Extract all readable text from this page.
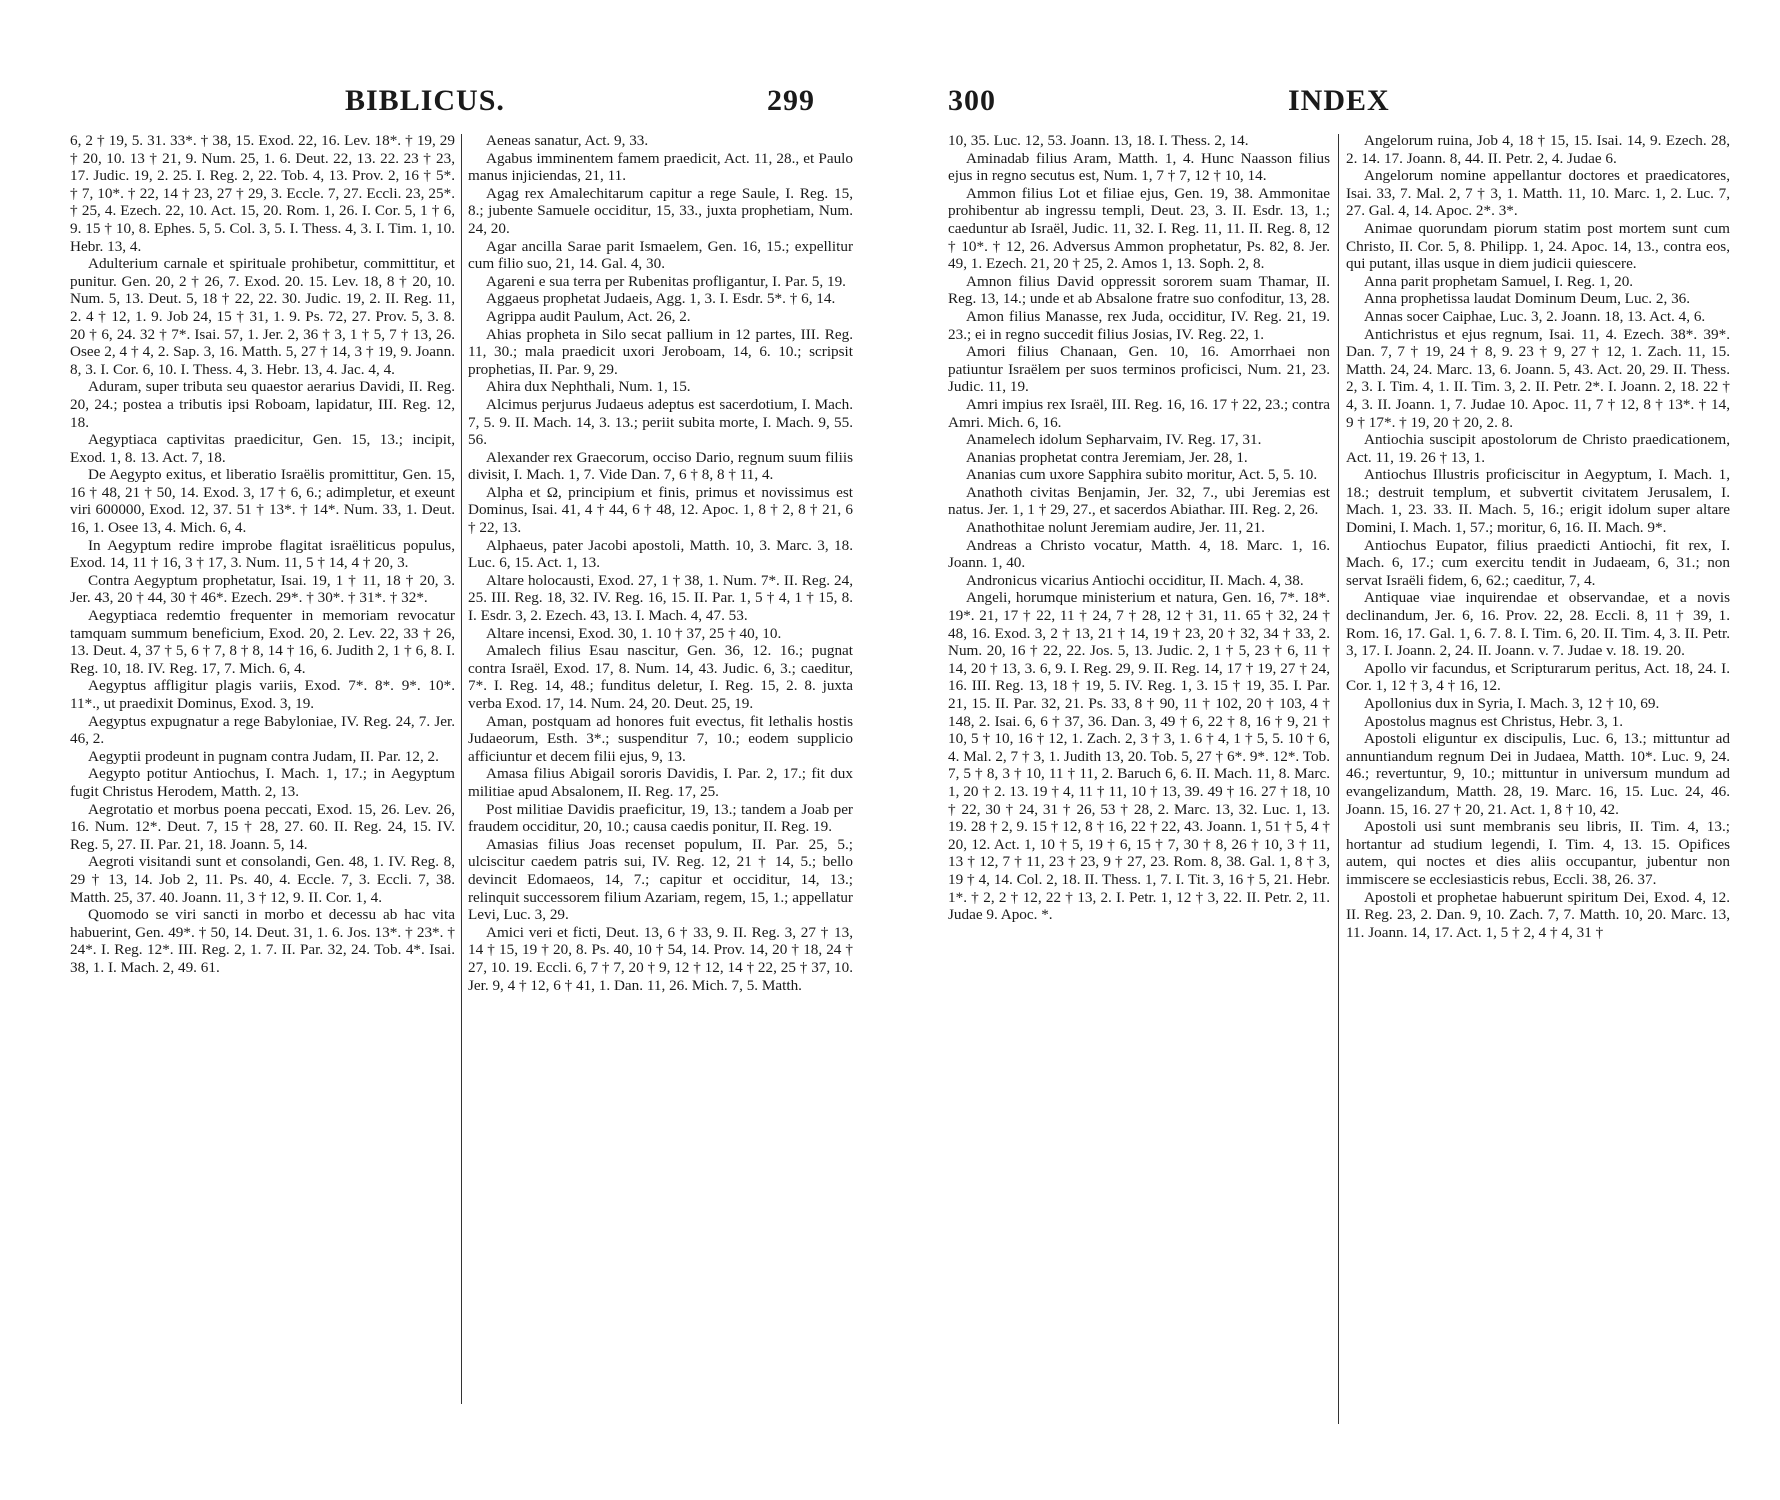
BIBLICUS.	299

6, 2 † 19, 5. 31. 33*. † 38, 15. Exod. 22, 16. Lev. 18*. † 19, 29 † 20, 10. 13 † 21, 9. Num. 25, 1. 6. Deut. 22, 13. 22. 23 † 23, 17. Judic. 19, 2. 25. I. Reg. 2, 22. Tob. 4, 13. Prov. 2, 16 † 5*. † 7, 10*. † 22, 14 † 23, 27 † 29, 3. Eccle. 7, 27. Eccli. 23, 25*. † 25, 4. Ezech. 22, 10. Act. 15, 20. Rom. 1, 26. I. Cor. 5, 1 † 6, 9. 15 † 10, 8. Ephes. 5, 5. Col. 3, 5. I. Thess. 4, 3. I. Tim. 1, 10. Hebr. 13, 4.

Adulterium carnale et spirituale prohibetur, committitur, et punitur. Gen. 20, 2 † 26, 7. Exod. 20. 15. Lev. 18, 8 † 20, 10. Num. 5, 13. Deut. 5, 18 † 22, 22. 30. Judic. 19, 2. II. Reg. 11, 2. 4 † 12, 1. 9. Job 24, 15 † 31, 1. 9. Ps. 72, 27. Prov. 5, 3. 8. 20 † 6, 24. 32 † 7*. Isai. 57, 1. Jer. 2, 36 † 3, 1 † 5, 7 † 13, 26. Osee 2, 4 † 4, 2. Sap. 3, 16. Matth. 5, 27 † 14, 3 † 19, 9. Joann. 8, 3. I. Cor. 6, 10. I. Thess. 4, 3. Hebr. 13, 4. Jac. 4, 4.

Aduram, super tributa seu quaestor aerarius Davidi, II. Reg. 20, 24.; postea a tributis ipsi Roboam, lapidatur, III. Reg. 12, 18.

Aegyptiaca captivitas praedicitur, Gen. 15, 13.; incipit, Exod. 1, 8. 13. Act. 7, 18.

De Aegypto exitus, et liberatio Israëlis promittitur, Gen. 15, 16 † 48, 21 † 50, 14. Exod. 3, 17 † 6, 6.; adimpletur, et exeunt viri 600000, Exod. 12, 37. 51 † 13*. † 14*. Num. 33, 1. Deut. 16, 1. Osee 13, 4. Mich. 6, 4.

In Aegyptum redire improbe flagitat israëliticus populus, Exod. 14, 11 † 16, 3 † 17, 3. Num. 11, 5 † 14, 4 † 20, 3.

Contra Aegyptum prophetatur, Isai. 19, 1 † 11, 18 † 20, 3. Jer. 43, 20 † 44, 30 † 46*. Ezech. 29*. † 30*. † 31*. † 32*.

Aegyptiaca redemtio frequenter in memoriam revocatur tamquam summum beneficium, Exod. 20, 2. Lev. 22, 33 † 26, 13. Deut. 4, 37 † 5, 6 † 7, 8 † 8, 14 † 16, 6. Judith 2, 1 † 6, 8. I. Reg. 10, 18. IV. Reg. 17, 7. Mich. 6, 4.

Aegyptus affligitur plagis variis, Exod. 7*. 8*. 9*. 10*. 11*., ut praedixit Dominus, Exod. 3, 19.

Aegyptus expugnatur a rege Babyloniae, IV. Reg. 24, 7. Jer. 46, 2.

Aegyptii prodeunt in pugnam contra Judam, II. Par. 12, 2.

Aegypto potitur Antiochus, I. Mach. 1, 17.; in Aegyptum fugit Christus Herodem, Matth. 2, 13.

Aegrotatio et morbus poena peccati, Exod. 15, 26. Lev. 26, 16. Num. 12*. Deut. 7, 15 † 28, 27. 60. II. Reg. 24, 15. IV. Reg. 5, 27. II. Par. 21, 18. Joann. 5, 14.

Aegroti visitandi sunt et consolandi, Gen. 48, 1. IV. Reg. 8, 29 † 13, 14. Job 2, 11. Ps. 40, 4. Eccle. 7, 3. Eccli. 7, 38. Matth. 25, 37. 40. Joann. 11, 3 † 12, 9. II. Cor. 1, 4.

Quomodo se viri sancti in morbo et decessu ab hac vita habuerint, Gen. 49*. † 50, 14. Deut. 31, 1. 6. Jos. 13*. † 23*. † 24*. I. Reg. 12*. III. Reg. 2, 1. 7. II. Par. 32, 24. Tob. 4*. Isai. 38, 1. I. Mach. 2, 49. 61.

Aeneas sanatur, Act. 9, 33.

Agabus imminentem famem praedicit, Act. 11, 28., et Paulo manus injiciendas, 21, 11.

Agag rex Amalechitarum capitur a rege Saule, I. Reg. 15, 8.; jubente Samuele occiditur, 15, 33., juxta prophetiam, Num. 24, 20.

Agar ancilla Sarae parit Ismaelem, Gen. 16, 15.; expellitur cum filio suo, 21, 14. Gal. 4, 30.

Agareni e sua terra per Rubenitas profligantur, I. Par. 5, 19.

Aggaeus prophetat Judaeis, Agg. 1, 3. I. Esdr. 5*. † 6, 14.

Agrippa audit Paulum, Act. 26, 2.

Ahias propheta in Silo secat pallium in 12 partes, III. Reg. 11, 30.; mala praedicit uxori Jeroboam, 14, 6. 10.; scripsit prophetias, II. Par. 9, 29.

Ahira dux Nephthali, Num. 1, 15.

Alcimus perjurus Judaeus adeptus est sacerdotium, I. Mach. 7, 5. 9. II. Mach. 14, 3. 13.; periit subita morte, I. Mach. 9, 55. 56.

Alexander rex Graecorum, occiso Dario, regnum suum filiis divisit, I. Mach. 1, 7. Vide Dan. 7, 6 † 8, 8 † 11, 4.

Alpha et Ω, principium et finis, primus et novissimus est Dominus, Isai. 41, 4 † 44, 6 † 48, 12. Apoc. 1, 8 † 2, 8 † 21, 6 † 22, 13.

Alphaeus, pater Jacobi apostoli, Matth. 10, 3. Marc. 3, 18. Luc. 6, 15. Act. 1, 13.

Altare holocausti, Exod. 27, 1 † 38, 1. Num. 7*. II. Reg. 24, 25. III. Reg. 18, 32. IV. Reg. 16, 15. II. Par. 1, 5 † 4, 1 † 15, 8. I. Esdr. 3, 2. Ezech. 43, 13. I. Mach. 4, 47. 53.

Altare incensi, Exod. 30, 1. 10 † 37, 25 † 40, 10.

Amalech filius Esau nascitur, Gen. 36, 12. 16.; pugnat contra Israël, Exod. 17, 8. Num. 14, 43. Judic. 6, 3.; caeditur, 7*. I. Reg. 14, 48.; funditus deletur, I. Reg. 15, 2. 8. juxta verba Exod. 17, 14. Num. 24, 20. Deut. 25, 19.

Aman, postquam ad honores fuit evectus, fit lethalis hostis Judaeorum, Esth. 3*.; suspenditur 7, 10.; eodem supplicio afficiuntur et decem filii ejus, 9, 13.

Amasa filius Abigail sororis Davidis, I. Par. 2, 17.; fit dux militiae apud Absalonem, II. Reg. 17, 25.

Post militiae Davidis praeficitur, 19, 13.; tandem a Joab per fraudem occiditur, 20, 10.; causa caedis ponitur, II. Reg. 19.

Amasias filius Joas recenset populum, II. Par. 25, 5.; ulciscitur caedem patris sui, IV. Reg. 12, 21 † 14, 5.; bello devincit Edomaeos, 14, 7.; capitur et occiditur, 14, 13.; relinquit successorem filium Azariam, regem, 15, 1.; appellatur Levi, Luc. 3, 29.

Amici veri et ficti, Deut. 13, 6 † 33, 9. II. Reg. 3, 27 † 13, 14 † 15, 19 † 20, 8. Ps. 40, 10 † 54, 14. Prov. 14, 20 † 18, 24 † 27, 10. 19. Eccli. 6, 7 † 7, 20 † 9, 12 † 12, 14 † 22, 25 † 37, 10. Jer. 9, 4 † 12, 6 † 41, 1. Dan. 11, 26. Mich. 7, 5. Matth.

300	INDEX

10, 35. Luc. 12, 53. Joann. 13, 18. I. Thess. 2, 14.

Aminadab filius Aram, Matth. 1, 4. Hunc Naasson filius ejus in regno secutus est, Num. 1, 7 † 7, 12 † 10, 14.

Ammon filius Lot et filiae ejus, Gen. 19, 38. Ammonitae prohibentur ab ingressu templi, Deut. 23, 3. II. Esdr. 13, 1.; caeduntur ab Israël, Judic. 11, 32. I. Reg. 11, 11. II. Reg. 8, 12 † 10*. † 12, 26. Adversus Ammon prophetatur, Ps. 82, 8. Jer. 49, 1. Ezech. 21, 20 † 25, 2. Amos 1, 13. Soph. 2, 8.

Amnon filius David oppressit sororem suam Thamar, II. Reg. 13, 14.; unde et ab Absalone fratre suo confoditur, 13, 28.

Amon filius Manasse, rex Juda, occiditur, IV. Reg. 21, 19. 23.; ei in regno succedit filius Josias, IV. Reg. 22, 1.

Amori filius Chanaan, Gen. 10, 16. Amorrhaei non patiuntur Israëlem per suos terminos proficisci, Num. 21, 23. Judic. 11, 19.

Amri impius rex Israël, III. Reg. 16, 16. 17 † 22, 23.; contra Amri. Mich. 6, 16.

Anamelech idolum Sepharvaim, IV. Reg. 17, 31.

Ananias prophetat contra Jeremiam, Jer. 28, 1.

Ananias cum uxore Sapphira subito moritur, Act. 5, 5. 10.

Anathoth civitas Benjamin, Jer. 32, 7., ubi Jeremias est natus. Jer. 1, 1 † 29, 27., et sacerdos Abiathar. III. Reg. 2, 26.

Anathothitae nolunt Jeremiam audire, Jer. 11, 21.

Andreas a Christo vocatur, Matth. 4, 18. Marc. 1, 16. Joann. 1, 40.

Andronicus vicarius Antiochi occiditur, II. Mach. 4, 38.

Angeli, horumque ministerium et natura, Gen. 16, 7*. 18*. 19*. 21, 17 † 22, 11 † 24, 7 † 28, 12 † 31, 11. 65 † 32, 24 † 48, 16. Exod. 3, 2 † 13, 21 † 14, 19 † 23, 20 † 32, 34 † 33, 2. Num. 20, 16 † 22, 22. Jos. 5, 13. Judic. 2, 1 † 5, 23 † 6, 11 † 14, 20 † 13, 3. 6, 9. I. Reg. 29, 9. II. Reg. 14, 17 † 19, 27 † 24, 16. III. Reg. 13, 18 † 19, 5. IV. Reg. 1, 3. 15 † 19, 35. I. Par. 21, 15. II. Par. 32, 21. Ps. 33, 8 † 90, 11 † 102, 20 † 103, 4 † 148, 2. Isai. 6, 6 † 37, 36. Dan. 3, 49 † 6, 22 † 8, 16 † 9, 21 † 10, 5 † 10, 16 † 12, 1. Zach. 2, 3 † 3, 1. 6 † 4, 1 † 5, 5. 10 † 6, 4. Mal. 2, 7 † 3, 1. Judith 13, 20. Tob. 5, 27 † 6*. 9*. 12*. Tob. 7, 5 † 8, 3 † 10, 11 † 11, 2. Baruch 6, 6. II. Mach. 11, 8. Marc. 1, 20 † 2. 13. 19 † 4, 11 † 11, 10 † 13, 39. 49 † 16. 27 † 18, 10 † 22, 30 † 24, 31 † 26, 53 † 28, 2. Marc. 13, 32. Luc. 1, 13. 19. 28 † 2, 9. 15 † 12, 8 † 16, 22 † 22, 43. Joann. 1, 51 † 5, 4 † 20, 12. Act. 1, 10 † 5, 19 † 6, 15 † 7, 30 † 8, 26 † 10, 3 † 11, 13 † 12, 7 † 11, 23 † 23, 9 † 27, 23. Rom. 8, 38. Gal. 1, 8 † 3, 19 † 4, 14. Col. 2, 18. II. Thess. 1, 7. I. Tit. 3, 16 † 5, 21. Hebr. 1*. † 2, 2 † 12, 22 † 13, 2. I. Petr. 1, 12 † 3, 22. II. Petr. 2, 11. Judae 9. Apoc. *.

Angelorum ruina, Job 4, 18 † 15, 15. Isai. 14, 9. Ezech. 28, 2. 14. 17. Joann. 8, 44. II. Petr. 2, 4. Judae 6.

Angelorum nomine appellantur doctores et praedicatores, Isai. 33, 7. Mal. 2, 7 † 3, 1. Matth. 11, 10. Marc. 1, 2. Luc. 7, 27. Gal. 4, 14. Apoc. 2*. 3*.

Animae quorundam piorum statim post mortem sunt cum Christo, II. Cor. 5, 8. Philipp. 1, 24. Apoc. 14, 13., contra eos, qui putant, illas usque in diem judicii quiescere.

Anna parit prophetam Samuel, I. Reg. 1, 20.

Anna prophetissa laudat Dominum Deum, Luc. 2, 36.

Annas socer Caiphae, Luc. 3, 2. Joann. 18, 13. Act. 4, 6.

Antichristus et ejus regnum, Isai. 11, 4. Ezech. 38*. 39*. Dan. 7, 7 † 19, 24 † 8, 9. 23 † 9, 27 † 12, 1. Zach. 11, 15. Matth. 24, 24. Marc. 13, 6. Joann. 5, 43. Act. 20, 29. II. Thess. 2, 3. I. Tim. 4, 1. II. Tim. 3, 2. II. Petr. 2*. I. Joann. 2, 18. 22 † 4, 3. II. Joann. 1, 7. Judae 10. Apoc. 11, 7 † 12, 8 † 13*. † 14, 9 † 17*. † 19, 20 † 20, 2. 8.

Antiochia suscipit apostolorum de Christo praedicationem, Act. 11, 19. 26 † 13, 1.

Antiochus Illustris proficiscitur in Aegyptum, I. Mach. 1, 18.; destruit templum, et subvertit civitatem Jerusalem, I. Mach. 1, 23. 33. II. Mach. 5, 16.; erigit idolum super altare Domini, I. Mach. 1, 57.; moritur, 6, 16. II. Mach. 9*.

Antiochus Eupator, filius praedicti Antiochi, fit rex, I. Mach. 6, 17.; cum exercitu tendit in Judaeam, 6, 31.; non servat Israëli fidem, 6, 62.; caeditur, 7, 4.

Antiquae viae inquirendae et observandae, et a novis declinandum, Jer. 6, 16. Prov. 22, 28. Eccli. 8, 11 † 39, 1. Rom. 16, 17. Gal. 1, 6. 7. 8. I. Tim. 6, 20. II. Tim. 4, 3. II. Petr. 3, 17. I. Joann. 2, 24. II. Joann. v. 7. Judae v. 18. 19. 20.

Apollo vir facundus, et Scripturarum peritus, Act. 18, 24. I. Cor. 1, 12 † 3, 4 † 16, 12.

Apollonius dux in Syria, I. Mach. 3, 12 † 10, 69.

Apostolus magnus est Christus, Hebr. 3, 1.

Apostoli eliguntur ex discipulis, Luc. 6, 13.; mittuntur ad annuntiandum regnum Dei in Judaea, Matth. 10*. Luc. 9, 24. 46.; revertuntur, 9, 10.; mittuntur in universum mundum ad evangelizandum, Matth. 28, 19. Marc. 16, 15. Luc. 24, 46. Joann. 15, 16. 27 † 20, 21. Act. 1, 8 † 10, 42.

Apostoli usi sunt membranis seu libris, II. Tim. 4, 13.; hortantur ad studium legendi, I. Tim. 4, 13. 15. Opifices autem, qui noctes et dies aliis occupantur, jubentur non immiscere se ecclesiasticis rebus, Eccli. 38, 26. 37.

Apostoli et prophetae habuerunt spiritum Dei, Exod. 4, 12. II. Reg. 23, 2. Dan. 9, 10. Zach. 7, 7. Matth. 10, 20. Marc. 13, 11. Joann. 14, 17. Act. 1, 5 † 2, 4 † 4, 31 †
